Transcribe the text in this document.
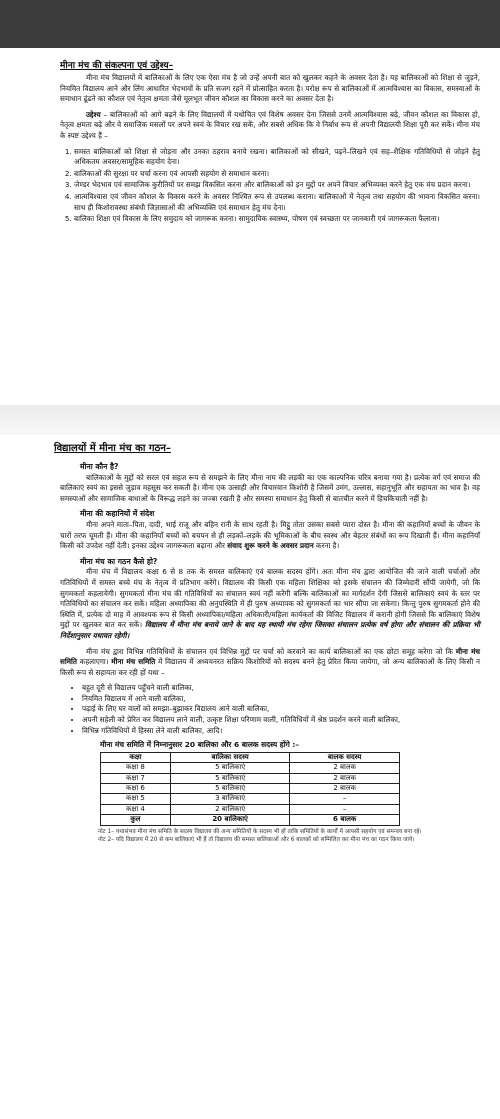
मीना मंच की संकल्पना एवं उद्देश्य–

मीना मंच विद्यालयों में बालिकाओं के लिए एक ऐसा मंच है जो उन्हें अपनी बात को खुलकर कहने के अवसर देता है। यह बालिकाओं को शिक्षा से जुड़ने, नियमित विद्यालय आने और लिंग आधारित भेदभावों के प्रति सजग रहने में प्रोत्साहित करता है। परोक्ष रूप से बालिकाओं में आत्मविश्वास का विकास, समस्याओं के समाधान ढूंढने का कौशल एवं नेतृत्व क्षमता जैसे मूलभूत जीवन कौशल का विकास करने का अवसर देता है।

उद्देश्य – बालिकाओं को आगे बढ़ने के लिए विद्यालयों में यथोचित एवं विशेष अवसर देना जिससे उनमें आत्मविश्वास बढ़े, जीवन कौशल का विकास हो, नेतृत्व क्षमता बढ़े और वे समाजिक मसलों पर अपने स्वयं के विचार रख सकें, और सबसे अधिक कि वे निर्बाध रूप से अपनी विद्यालयी शिक्षा पूरी कर सकें। मीना मंच के स्पष्ट उद्देश्य हैं –

1. समस्त बालिकाओं को शिक्षा से जोड़ना और उनका ठहराव बनाये रखना। बालिकाओं को सीखने, पढ़ने–लिखने एवं सह–शैक्षिक गतिविधियों से जोड़ने हेतु अधिकतम अवसर/सामूहिक सहयोग देना।
2. बालिकाओं की सुरक्षा पर चर्चा करना एवं आपसी सहयोग से समाधान करना।
3. जेण्डर भेदभाव एवं सामाजिक कुरीतियों पर समझ विकसित करना और बालिकाओं को इन मुद्दों पर अपने विचार अभिव्यक्त करने हेतु एक मंच प्रदान करना।
4. आत्मविश्वास एवं जीवन कौशल के विकास करने के अवसर निश्चित रूप से उपलब्ध कराना। बालिकाओं में नेतृत्व तथा सहयोग की भावना विकसित करना। साथ ही किशोरावस्था संबंधी जिज्ञासाओं की अभिव्यक्ति एवं समाधान हेतु मंच देना।
5. बालिका शिक्षा एवं विकास के लिए समुदाय को जागरूक करना। सामुदायिक स्वास्थ्य, पोषण एवं स्वच्छता पर जानकारी एवं जागरूकता फैलाना।
विद्यालयों में मीना मंच का गठन–
मीना कौन है?

बालिकाओं के मुद्दों को सरल एवं सहज रूप से समझने के लिए मीना नाम की लड़की का एक काल्पनिक चरित्र बनाया गया है। प्रत्येक वर्ग एवं समाज की बालिकाएं स्वयं का इससे जुड़ाव महसूस कर सकती है। मीना एक उत्साही और विचारवान किशोरी है जिसमें उमंग, उल्लास, सहानुभूति और सहायता का भाव है। वह समस्याओं और सामाजिक बाधाओं के विरूद्ध लड़ने का जज्बा रखती है और समस्या समाधान हेतु किसी से बातचीत करने में हिचकिचाती नहीं है।

मीना की कहानियों में संदेश

मीना अपने माता–पिता, दादी, भाई राजू और बहिन रानी के साथ रहती है। मिट्ठू तोता उसका सबसे प्यारा दोस्त है। मीना की कहानियाँ बच्चों के जीवन के चारों तरफ घूमती हैं। मीना की कहानियाँ बच्चों को बचपन से ही लड़कों–लड़के की भूमिकाओं के बीच स्वस्थ और बेहतर संबंधों का रूप दिखाती हैं। मीना कहानियाँ किसी को उपदेश नहीं देती। इनका उद्देश्य जागरूकता बढ़ाना और संवाद शुरू करने के अवसर प्रदान करना है।

मीना मंच का गठन कैसे हो?

मीना मंच में विद्यालय कक्षा 6 से 8 तक के समस्त बालिकाएं एवं बालक सदस्य होंगे। अतः मीना मंच द्वारा आयोजित की जाने वाली चर्चाओं और गतिविधियों में समस्त बच्चे मंच के नेतृत्व में प्रतिभाग करेंगे। विद्यालय की किसी एक महिला शिक्षिका को इसके संचालन की जिम्मेदारी सौंपी जायेगी, जो कि सुगमकर्ता कहलायेगी। सुगमकर्ता मीना मंच की गतिविधियों का संचालन स्वयं नहीं करेंगी बल्कि बालिकाओं का मार्गदर्शन देंगी जिससे बालिकाएं स्वयं के स्तर पर गतिविधियों का संचालन कर सकें। महिला अध्यापिका की अनुपस्थिति में ही पुरुष अध्यापक को सुगमकर्ता का भार सौंपा जा सकेगा। किन्तु पुरुष सुगमकर्ता होने की स्थिति में, प्रत्येक दो माह में आवश्यक रूप से किसी अध्यापिका/महिला अधिकारी/महिला कार्यकर्ता की विजिट विद्यालय में करानी होगी जिससे कि बालिकाएं विशेष मुद्दों पर खुलकर बात कर सकें। विद्यालय में मीना मंच बनाये जाने के बाद यह स्थायी मंच रहेगा जिसका संचालन प्रत्येक वर्ष होगा और संचालन की प्रक्रिया भी निर्देशानुसार यथावत रहेगी।

मीना मंच द्वारा विभिन्न गतिविधियों के संचालन एवं विभिन्न मुद्दों पर चर्चा को करवाने का कार्य बालिकाओं का एक छोटा समूह करेगा जो कि मीना मंच समिति कहलाएगा। मीना मंच समिति में विद्यालय में अध्ययनरत सक्रिय किशोरियों को सदस्य बनने हेतु प्रेरित किया जायेगा, जो अन्य बालिकाओं के लिए किसी न किसी रूप से सहायता कर रही हों यथा –

• बहुत दूरी से विद्यालय पहुँचने वाली बालिका,
• नियमित विद्यालय में आने वाली बालिका,
• पढ़ाई के लिए घर वालों को समझा–बुझाकर विद्यालय आने वाली बालिका,
• अपनी सहेली को प्रेरित कर विद्यालय लाने वाली, उत्कृष्ट शिक्षा परिणाम वाली, गतिविधियों में श्रेष्ठ प्रदर्शन करने वाली बालिका,
• विभिन्न गतिविधियों में हिस्सा लेने वाली बालिका, आदि।
मीना मंच समिति में निम्नानुसार 20 बालिका और 6 बालक सदस्य होंगे :–
कक्षा	बालिका सदस्य	बालक सदस्य
कक्षा 8	5 बालिकाएं	2 बालक
कक्षा 7	5 बालिकाएं	2 बालक
कक्षा 6	5 बालिकाएं	2 बालक
कक्षा 5	3 बालिकाएं	–
कक्षा 4	2 बालिकाएं	–
कुल	20 बालिकाएं	6 बालक
नोट 1– यथासंभव मीना मंच समिति के सदस्य विद्यालय की अन्य समितियों के सदस्य भी हों ताकि समितियों के कार्यों में आपसी सहयोग एवं समन्वय बना रहे।
नोट 2– यदि विद्यालय में 20 से कम बालिकाएं भी हैं तो विद्यालय की समस्त बालिकाओं और 6 बालकों को सम्मिलित कर मीना मंच का गठन किया जाये।
